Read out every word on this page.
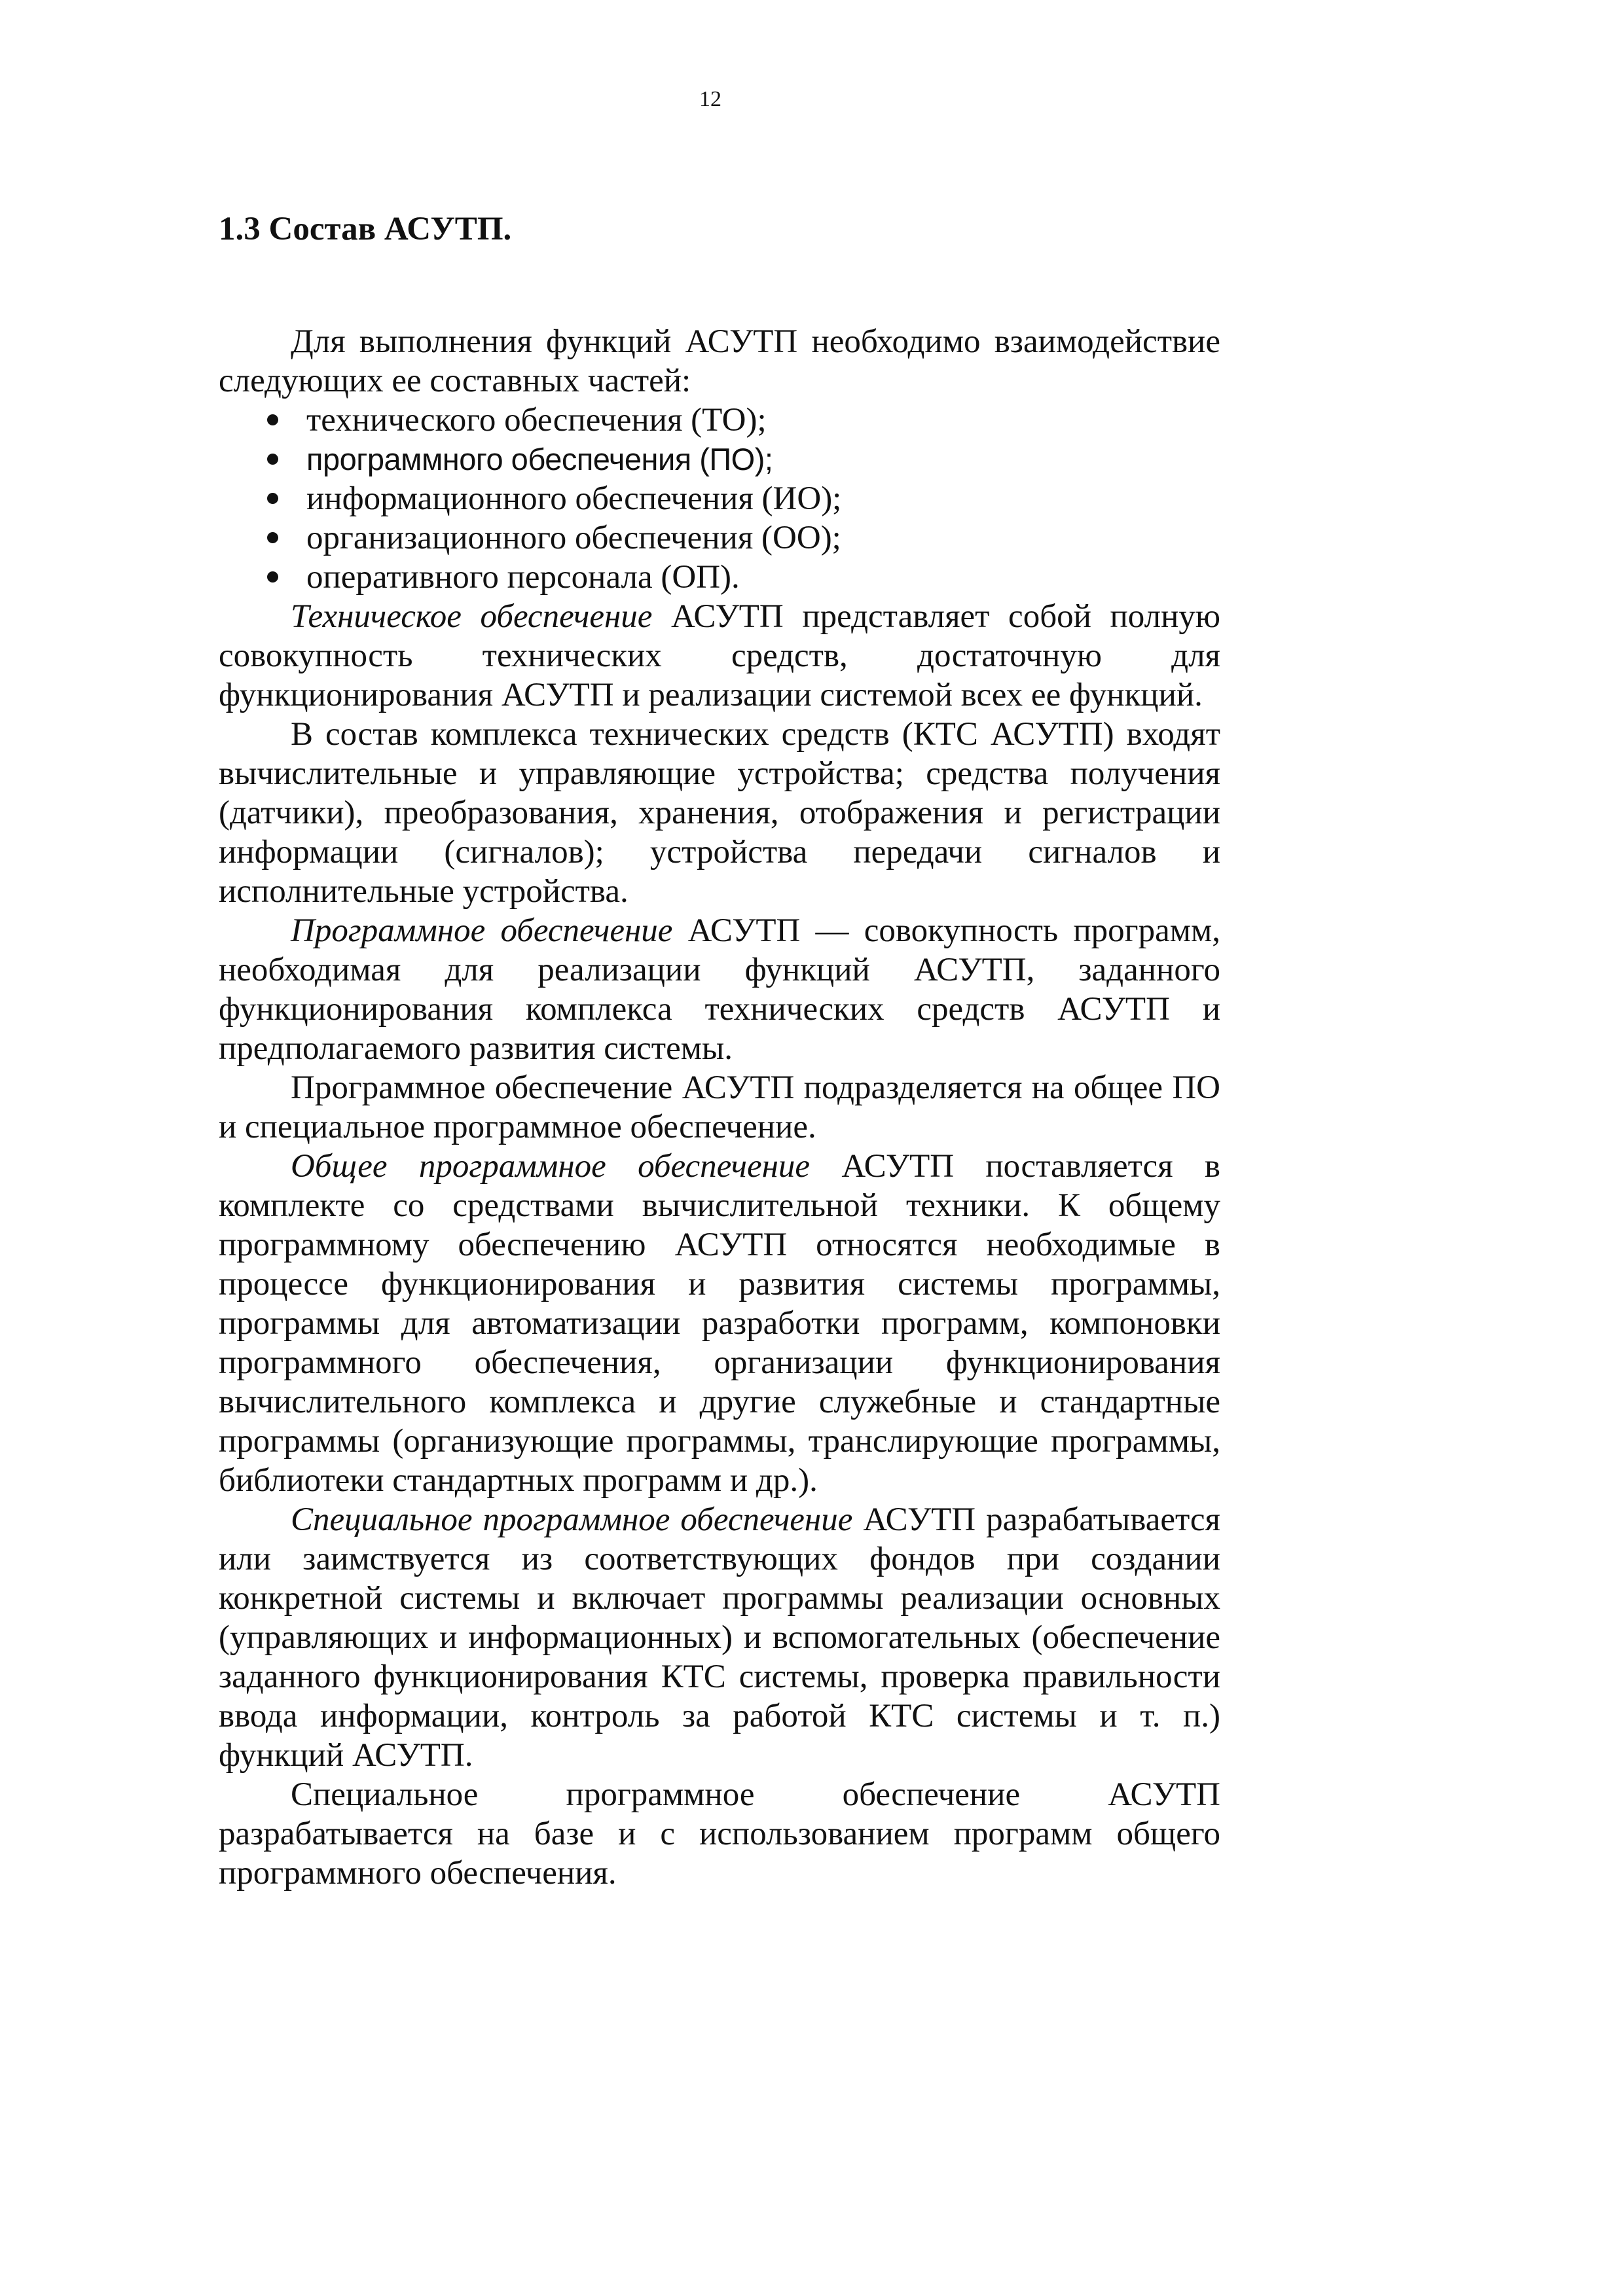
12
1.3 Состав АСУТП.

Для выполнения функций АСУТП необходимо взаимодействие следующих ее составных частей:

технического обеспечения (ТО);
программного обеспечения (ПО);
информационного обеспечения (ИО);
организационного обеспечения (ОО);
оперативного персонала (ОП).

Техническое обеспечение АСУТП представляет собой полную совокупность технических средств, достаточную для функционирования АСУТП и реализации системой всех ее функций.

В состав комплекса технических средств (КТС АСУТП) входят вычислительные и управляющие устройства; средства получения (датчики), преобразования, хранения, отображения и регистрации информации (сигналов); устройства передачи сигналов и исполнительные устройства.

Программное обеспечение АСУТП — совокупность программ, необходимая для реализации функций АСУТП, заданного функционирования комплекса технических средств АСУТП и предполагаемого развития системы.

Программное обеспечение АСУТП подразделяется на общее ПО и специальное программное обеспечение.

Общее программное обеспечение АСУТП поставляется в комплекте со средствами вычислительной техники. К общему программному обеспечению АСУТП относятся необходимые в процессе функционирования и развития системы программы, программы для автоматизации разработки программ, компоновки программного обеспечения, организации функционирования вычислительного комплекса и другие служебные и стандартные программы (организующие программы, транслирующие программы, библиотеки стандартных программ и др.).

Специальное программное обеспечение АСУТП разрабатывается или заимствуется из соответствующих фондов при создании конкретной системы и включает программы реализации основных (управляющих и информационных) и вспомогательных (обеспечение заданного функционирования КТС системы, проверка правильности ввода информации, контроль за работой КТС системы и т. п.) функций АСУТП.

Специальное программное обеспечение АСУТП разрабатывается на базе и с использованием программ общего программного обеспечения.
